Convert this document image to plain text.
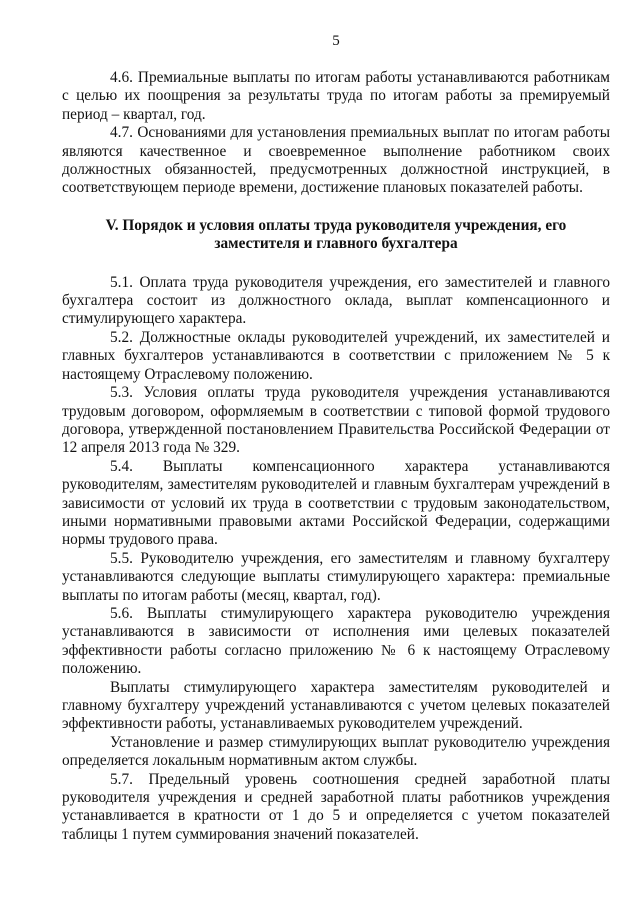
5

4.6. Премиальные выплаты по итогам работы устанавливаются работникам с целью их поощрения за результаты труда по итогам работы за премируемый период – квартал, год.

4.7. Основаниями для установления премиальных выплат по итогам работы являются качественное и своевременное выполнение работником своих должностных обязанностей, предусмотренных должностной инструкцией, в соответствующем периоде времени, достижение плановых показателей работы.

V. Порядок и условия оплаты труда руководителя учреждения, его
заместителя и главного бухгалтера

5.1. Оплата труда руководителя учреждения, его заместителей и главного бухгалтера состоит из должностного оклада, выплат компенсационного и стимулирующего характера.

5.2. Должностные оклады руководителей учреждений, их заместителей и главных бухгалтеров устанавливаются в соответствии с приложением № 5 к настоящему Отраслевому положению.

5.3. Условия оплаты труда руководителя учреждения устанавливаются трудовым договором, оформляемым в соответствии с типовой формой трудового договора, утвержденной постановлением Правительства Российской Федерации от 12 апреля 2013 года № 329.

5.4. Выплаты компенсационного характера устанавливаются руководителям, заместителям руководителей и главным бухгалтерам учреждений в зависимости от условий их труда в соответствии с трудовым законодательством, иными нормативными правовыми актами Российской Федерации, содержащими нормы трудового права.

5.5. Руководителю учреждения, его заместителям и главному бухгалтеру устанавливаются следующие выплаты стимулирующего характера: премиальные выплаты по итогам работы (месяц, квартал, год).

5.6. Выплаты стимулирующего характера руководителю учреждения устанавливаются в зависимости от исполнения ими целевых показателей эффективности работы согласно приложению № 6 к настоящему Отраслевому положению.

Выплаты стимулирующего характера заместителям руководителей и главному бухгалтеру учреждений устанавливаются с учетом целевых показателей эффективности работы, устанавливаемых руководителем учреждений.

Установление и размер стимулирующих выплат руководителю учреждения определяется локальным нормативным актом службы.

5.7. Предельный уровень соотношения средней заработной платы руководителя учреждения и средней заработной платы работников учреждения устанавливается в кратности от 1 до 5 и определяется с учетом показателей таблицы 1 путем суммирования значений показателей.
